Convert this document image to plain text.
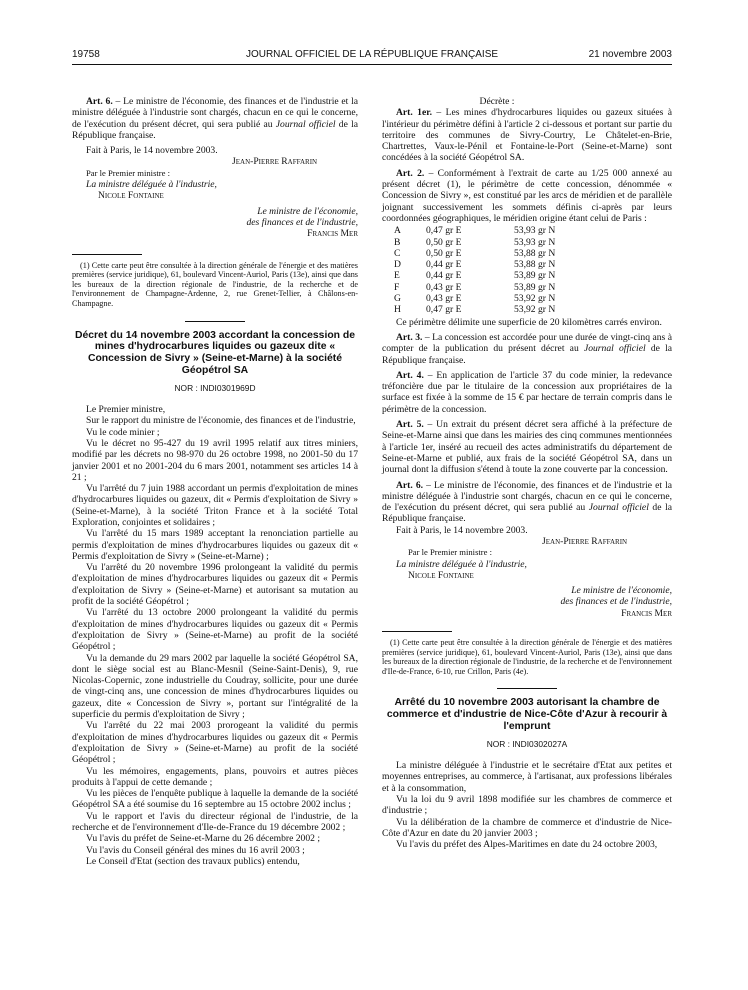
19758	JOURNAL OFFICIEL DE LA RÉPUBLIQUE FRANÇAISE	21 novembre 2003

Art. 6. – Le ministre de l'économie, des finances et de l'industrie et la ministre déléguée à l'industrie sont chargés, chacun en ce qui le concerne, de l'exécution du présent décret, qui sera publié au Journal officiel de la République française.

Fait à Paris, le 14 novembre 2003.

Jean-Pierre Raffarin

Par le Premier ministre :

La ministre déléguée à l'industrie,

Nicole Fontaine

Le ministre de l'économie,

des finances et de l'industrie,

Francis Mer

(1) Cette carte peut être consultée à la direction générale de l'énergie et des matières premières (service juridique), 61, boulevard Vincent-Auriol, Paris (13e), ainsi que dans les bureaux de la direction régionale de l'industrie, de la recherche et de l'environnement de Champagne-Ardenne, 2, rue Grenet-Tellier, à Châlons-en-Champagne.

Décret du 14 novembre 2003 accordant la concession de mines d'hydrocarbures liquides ou gazeux dite « Concession de Sivry » (Seine-et-Marne) à la société Géopétrol SA
NOR : INDI0301969D

Le Premier ministre,

Sur le rapport du ministre de l'économie, des finances et de l'industrie,

Vu le code minier ;

Vu le décret no 95-427 du 19 avril 1995 relatif aux titres miniers, modifié par les décrets no 98-970 du 26 octobre 1998, no 2001-50 du 17 janvier 2001 et no 2001-204 du 6 mars 2001, notamment ses articles 14 à 21 ;

Vu l'arrêté du 7 juin 1988 accordant un permis d'exploitation de mines d'hydrocarbures liquides ou gazeux, dit « Permis d'exploitation de Sivry » (Seine-et-Marne), à la société Triton France et à la société Total Exploration, conjointes et solidaires ;

Vu l'arrêté du 15 mars 1989 acceptant la renonciation partielle au permis d'exploitation de mines d'hydrocarbures liquides ou gazeux dit « Permis d'exploitation de Sivry » (Seine-et-Marne) ;

Vu l'arrêté du 20 novembre 1996 prolongeant la validité du permis d'exploitation de mines d'hydrocarbures liquides ou gazeux dit « Permis d'exploitation de Sivry » (Seine-et-Marne) et autorisant sa mutation au profit de la société Géopétrol ;

Vu l'arrêté du 13 octobre 2000 prolongeant la validité du permis d'exploitation de mines d'hydrocarbures liquides ou gazeux dit « Permis d'exploitation de Sivry » (Seine-et-Marne) au profit de la société Géopétrol ;

Vu la demande du 29 mars 2002 par laquelle la société Géopétrol SA, dont le siège social est au Blanc-Mesnil (Seine-Saint-Denis), 9, rue Nicolas-Copernic, zone industrielle du Coudray, sollicite, pour une durée de vingt-cinq ans, une concession de mines d'hydrocarbures liquides ou gazeux, dite « Concession de Sivry », portant sur l'intégralité de la superficie du permis d'exploitation de Sivry ;

Vu l'arrêté du 22 mai 2003 prorogeant la validité du permis d'exploitation de mines d'hydrocarbures liquides ou gazeux dit « Permis d'exploitation de Sivry » (Seine-et-Marne) au profit de la société Géopétrol ;

Vu les mémoires, engagements, plans, pouvoirs et autres pièces produits à l'appui de cette demande ;

Vu les pièces de l'enquête publique à laquelle la demande de la société Géopétrol SA a été soumise du 16 septembre au 15 octobre 2002 inclus ;

Vu le rapport et l'avis du directeur régional de l'industrie, de la recherche et de l'environnement d'Ile-de-France du 19 décembre 2002 ;

Vu l'avis du préfet de Seine-et-Marne du 26 décembre 2002 ;

Vu l'avis du Conseil général des mines du 16 avril 2003 ;

Le Conseil d'Etat (section des travaux publics) entendu,

Décrète :

Art. 1er. – Les mines d'hydrocarbures liquides ou gazeux situées à l'intérieur du périmètre défini à l'article 2 ci-dessous et portant sur partie du territoire des communes de Sivry-Courtry, Le Châtelet-en-Brie, Chartrettes, Vaux-le-Pénil et Fontaine-le-Port (Seine-et-Marne) sont concédées à la société Géopétrol SA.

Art. 2. – Conformément à l'extrait de carte au 1/25 000 annexé au présent décret (1), le périmètre de cette concession, dénommée « Concession de Sivry », est constitué par les arcs de méridien et de parallèle joignant successivement les sommets définis ci-après par leurs coordonnées géographiques, le méridien origine étant celui de Paris :

A	0,47 gr E	53,93 gr N
B	0,50 gr E	53,93 gr N
C	0,50 gr E	53,88 gr N
D	0,44 gr E	53,88 gr N
E	0,44 gr E	53,89 gr N
F	0,43 gr E	53,89 gr N
G	0,43 gr E	53,92 gr N
H	0,47 gr E	53,92 gr N

Ce périmètre délimite une superficie de 20 kilomètres carrés environ.

Art. 3. – La concession est accordée pour une durée de vingt-cinq ans à compter de la publication du présent décret au Journal officiel de la République française.

Art. 4. – En application de l'article 37 du code minier, la redevance tréfoncière due par le titulaire de la concession aux propriétaires de la surface est fixée à la somme de 15 € par hectare de terrain compris dans le périmètre de la concession.

Art. 5. – Un extrait du présent décret sera affiché à la préfecture de Seine-et-Marne ainsi que dans les mairies des cinq communes mentionnées à l'article 1er, inséré au recueil des actes administratifs du département de Seine-et-Marne et publié, aux frais de la société Géopétrol SA, dans un journal dont la diffusion s'étend à toute la zone couverte par la concession.

Art. 6. – Le ministre de l'économie, des finances et de l'industrie et la ministre déléguée à l'industrie sont chargés, chacun en ce qui le concerne, de l'exécution du présent décret, qui sera publié au Journal officiel de la République française.

Fait à Paris, le 14 novembre 2003.

Jean-Pierre Raffarin

Par le Premier ministre :

La ministre déléguée à l'industrie,

Nicole Fontaine

Le ministre de l'économie,

des finances et de l'industrie,

Francis Mer

(1) Cette carte peut être consultée à la direction générale de l'énergie et des matières premières (service juridique), 61, boulevard Vincent-Auriol, Paris (13e), ainsi que dans les bureaux de la direction régionale de l'industrie, de la recherche et de l'environnement d'Ile-de-France, 6-10, rue Crillon, Paris (4e).

Arrêté du 10 novembre 2003 autorisant la chambre de commerce et d'industrie de Nice-Côte d'Azur à recourir à l'emprunt
NOR : INDI0302027A

La ministre déléguée à l'industrie et le secrétaire d'Etat aux petites et moyennes entreprises, au commerce, à l'artisanat, aux professions libérales et à la consommation,

Vu la loi du 9 avril 1898 modifiée sur les chambres de commerce et d'industrie ;

Vu la délibération de la chambre de commerce et d'industrie de Nice-Côte d'Azur en date du 20 janvier 2003 ;

Vu l'avis du préfet des Alpes-Maritimes en date du 24 octobre 2003,
